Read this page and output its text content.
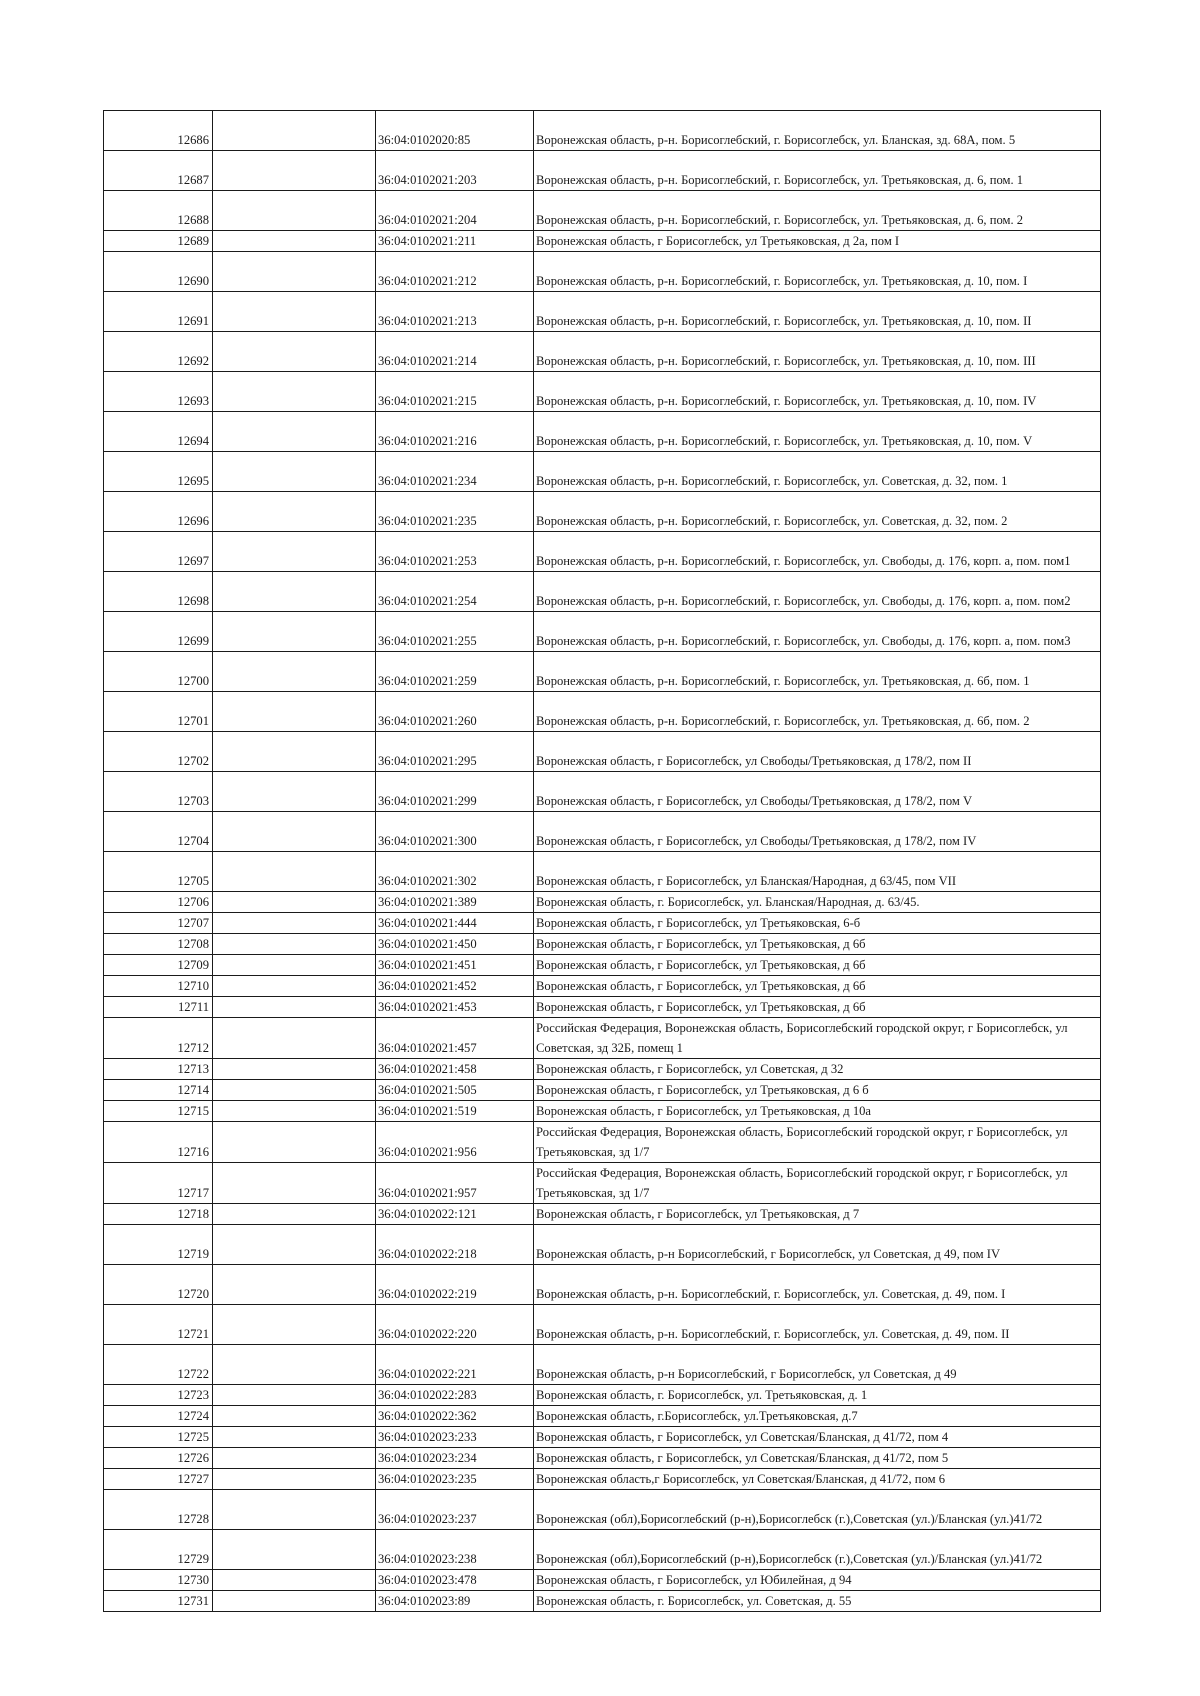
12686		36:04:0102020:85	Воронежская область, р-н. Борисоглебский, г. Борисоглебск, ул. Бланская, зд. 68А, пом. 5
12687		36:04:0102021:203	Воронежская область, р-н. Борисоглебский, г. Борисоглебск, ул. Третьяковская, д. 6, пом. 1
12688		36:04:0102021:204	Воронежская область, р-н. Борисоглебский, г. Борисоглебск, ул. Третьяковская, д. 6, пом. 2
12689		36:04:0102021:211	Воронежская область, г Борисоглебск, ул Третьяковская, д 2а, пом I
12690		36:04:0102021:212	Воронежская область, р-н. Борисоглебский, г. Борисоглебск, ул. Третьяковская, д. 10, пом. I
12691		36:04:0102021:213	Воронежская область, р-н. Борисоглебский, г. Борисоглебск, ул. Третьяковская, д. 10, пом. II
12692		36:04:0102021:214	Воронежская область, р-н. Борисоглебский, г. Борисоглебск, ул. Третьяковская, д. 10, пом. III
12693		36:04:0102021:215	Воронежская область, р-н. Борисоглебский, г. Борисоглебск, ул. Третьяковская, д. 10, пом. IV
12694		36:04:0102021:216	Воронежская область, р-н. Борисоглебский, г. Борисоглебск, ул. Третьяковская, д. 10, пом. V
12695		36:04:0102021:234	Воронежская область, р-н. Борисоглебский, г. Борисоглебск, ул. Советская, д. 32, пом. 1
12696		36:04:0102021:235	Воронежская область, р-н. Борисоглебский, г. Борисоглебск, ул. Советская, д. 32, пом. 2
12697		36:04:0102021:253	Воронежская область, р-н. Борисоглебский, г. Борисоглебск, ул. Свободы, д. 176, корп. а, пом. пом1
12698		36:04:0102021:254	Воронежская область, р-н. Борисоглебский, г. Борисоглебск, ул. Свободы, д. 176, корп. а, пом. пом2
12699		36:04:0102021:255	Воронежская область, р-н. Борисоглебский, г. Борисоглебск, ул. Свободы, д. 176, корп. а, пом. пом3
12700		36:04:0102021:259	Воронежская область, р-н. Борисоглебский, г. Борисоглебск, ул. Третьяковская, д. 6б, пом. 1
12701		36:04:0102021:260	Воронежская область, р-н. Борисоглебский, г. Борисоглебск, ул. Третьяковская, д. 6б, пом. 2
12702		36:04:0102021:295	Воронежская область, г Борисоглебск, ул Свободы/Третьяковская, д 178/2, пом II
12703		36:04:0102021:299	Воронежская область, г Борисоглебск, ул Свободы/Третьяковская, д 178/2, пом V
12704		36:04:0102021:300	Воронежская область, г Борисоглебск, ул Свободы/Третьяковская, д 178/2, пом IV
12705		36:04:0102021:302	Воронежская область, г Борисоглебск, ул Бланская/Народная, д 63/45, пом VII
12706		36:04:0102021:389	Воронежская область, г. Борисоглебск, ул. Бланская/Народная, д. 63/45.
12707		36:04:0102021:444	Воронежская область, г Борисоглебск, ул Третьяковская, 6-б
12708		36:04:0102021:450	Воронежская область, г Борисоглебск, ул Третьяковская, д 6б
12709		36:04:0102021:451	Воронежская область, г Борисоглебск, ул Третьяковская, д 6б
12710		36:04:0102021:452	Воронежская область, г Борисоглебск, ул Третьяковская, д 6б
12711		36:04:0102021:453	Воронежская область, г Борисоглебск, ул Третьяковская, д 6б
12712		36:04:0102021:457	Российская Федерация, Воронежская область, Борисоглебский городской округ, г Борисоглебск, ул Советская, зд 32Б, помещ 1
12713		36:04:0102021:458	Воронежская область, г Борисоглебск, ул Советская, д 32
12714		36:04:0102021:505	Воронежская область, г Борисоглебск, ул Третьяковская, д 6 б
12715		36:04:0102021:519	Воронежская область, г Борисоглебск, ул Третьяковская, д 10а
12716		36:04:0102021:956	Российская Федерация, Воронежская область, Борисоглебский городской округ, г Борисоглебск, ул Третьяковская, зд 1/7
12717		36:04:0102021:957	Российская Федерация, Воронежская область, Борисоглебский городской округ, г Борисоглебск, ул Третьяковская, зд 1/7
12718		36:04:0102022:121	Воронежская область, г Борисоглебск, ул Третьяковская, д 7
12719		36:04:0102022:218	Воронежская область, р-н Борисоглебский, г Борисоглебск, ул Советская, д 49, пом IV
12720		36:04:0102022:219	Воронежская область, р-н. Борисоглебский, г. Борисоглебск, ул. Советская, д. 49, пом. I
12721		36:04:0102022:220	Воронежская область, р-н. Борисоглебский, г. Борисоглебск, ул. Советская, д. 49, пом. II
12722		36:04:0102022:221	Воронежская область, р-н Борисоглебский, г Борисоглебск, ул Советская, д 49
12723		36:04:0102022:283	Воронежская область, г. Борисоглебск, ул. Третьяковская, д. 1
12724		36:04:0102022:362	Воронежская область, г.Борисоглебск, ул.Третьяковская, д.7
12725		36:04:0102023:233	Воронежская область, г Борисоглебск, ул Советская/Бланская, д 41/72, пом 4
12726		36:04:0102023:234	Воронежская область, г Борисоглебск, ул Советская/Бланская, д 41/72, пом 5
12727		36:04:0102023:235	Воронежская область,г Борисоглебск, ул Советская/Бланская, д 41/72, пом 6
12728		36:04:0102023:237	Воронежская (обл),Борисоглебский (р-н),Борисоглебск (г.),Советская (ул.)/Бланская (ул.)41/72
12729		36:04:0102023:238	Воронежская (обл),Борисоглебский (р-н),Борисоглебск (г.),Советская (ул.)/Бланская (ул.)41/72
12730		36:04:0102023:478	Воронежская область, г Борисоглебск, ул Юбилейная, д 94
12731		36:04:0102023:89	Воронежская область, г. Борисоглебск, ул. Советская, д. 55
